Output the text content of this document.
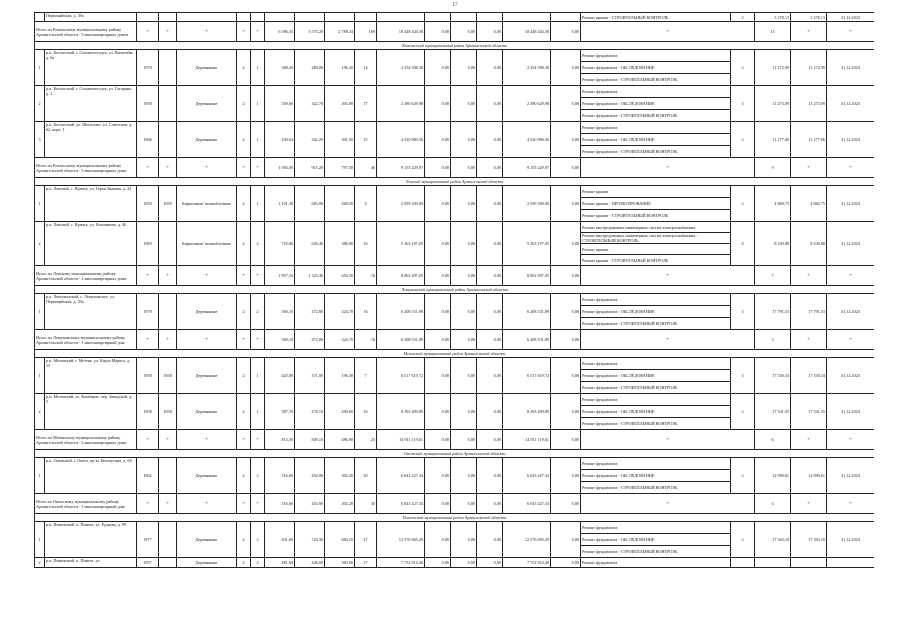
17
	Первомайская, д. 39а																Ремонт крыши - СТРОИТЕЛЬНЫЙ КОНТРОЛЬ	2	3 278,13	3 278,13	31.12.2023	
Итого по Коношскому муниципальному району Архангельской области - 5 многоквартирных домов		*	*	*	*	*	6 396,33	3 575,20	2 788,34	169	18 448 444,58	0,00	0,00	0,00	18 448 444,58	0,00	*		13	*	*	
Котласский муниципальный район Архангельской области																						
1	р.п. Котласский, г. Сольвычегодск, ул. Вильгейм, д. 6а	1970		Деревянные	2	1	368,20	280,00	196,30	14	2 254 508,30	0,00	0,00	0,00	2 254 508,30	0,00	Ремонт фундамента	3	11 272,90	11 272,90	31.12.2023	
																	Ремонт фундамента - ОБСЛЕДОВАНИЕ					
																	Ремонт фундамента - СТРОИТЕЛЬНЫЙ КОНТРОЛЬ					
2	р.п. Котласский, г. Сольвычегодск, ул. Гагарина, д. 2	1958		Деревянные	2	1	359,60	322,70	303,00	17	2 380 629,98	0,00	0,00	0,00	2 380 629,98	0,00	Ремонт фундамента	3	11 273,09	11 273,09	31.12.2023	
																	Ремонт фундамента - ОБСЛЕДОВАНИЕ					
																	Ремонт фундамента - СТРОИТЕЛЬНЫЙ КОНТРОЛЬ					
3	р.п. Котласский, ул. Шепелово, ул. Советская, д. 62, корп. 1	1966		Деревянные	2	1	430,64	342,29	301,50	15	4 520 900,56	0,00	0,00	0,00	4 520 900,56	0,00	Ремонт фундамента	3	11 277,06	11 277,06	31.12.2023	
																	Ремонт фундамента - ОБСЛЕДОВАНИЕ					
																	Ремонт фундамента - СТРОИТЕЛЬНЫЙ КОНТРОЛЬ					
Итого по Котласскому муниципальному району Архангельской области - 3 многоквартирных дома:		*	*	*	*	*	1 083,00	915,20	797,50	46	9 155 229,97	0,00	0,00	0,00	9 155 229,97	0,00	*		9	*	*	
Ленский муниципальный район Архангельской области																						
1	р.п. Ленский, с. Яренск, ул. Героя Знакова, д. 24	1959	1959	Кирпичные/ шлакоблочные	2	1	1 101,30	683,00	268,50	0	2 599 300,00	0,00	0,00	0,00	2 599 300,00	0,00	Ремонт крыши	3	4 860,75	4 860,75	31.12.2023	
																	Ремонт крыши - ПРОЕКТИРОВАНИЕ					
																	Ремонт крыши - СТРОИТЕЛЬНЫЙ КОНТРОЛЬ					
2	р.п. Ленский, с. Яренск, ул. Бельчикова, д. 46	1985		Кирпичные/ шлакоблочные	2	2	755,86	626,40	386,00	16	5 363 197,05	0,00	0,00	0,00	5 363 197,05	0,00	Ремонт внутридомовых инженерных систем электроснабжения	4	8 339,88	8 339,88	31.12.2023	
																	Ремонт внутридомовых инженерных систем электроснабжения - СТРОИТЕЛЬНЫЙ КОНТРОЛЬ					
																	Ремонт крыши					
																	Ремонт крыши - СТРОИТЕЛЬНЫЙ КОНТРОЛЬ					
Итого по Ленскому муниципальному району Архангельской области - 2 многоквартирных дома:		*	*	*	*	*	1 857,16	1 323,40	654,50	16	8 002 497,05	0,00	0,00	0,00	8 002 497,05	0,00	*		7	*	*	
Лешуконский муниципальный район Архангельской области																						
1	р.п. Лешуконский, с. Лешуконское, ул. Первомайская, д. 29а	1979		Деревянные	2	2	560,10	472,80	324,70	16	6 208 531,89	0,00	0,00	0,00	6 208 531,89	0,00	Ремонт фундамента	3	17 791,53	17 791,53	31.12.2023	
																	Ремонт фундамента - ОБСЛЕДОВАНИЕ					
																	Ремонт фундамента - СТРОИТЕЛЬНЫЙ КОНТРОЛЬ					
Итого по Лешуконскому муниципальному району Архангельской области - 1 многоквартирный дом:		*	*	*	*	*	560,10	472,80	324,70	16	6 208 531,89	0,00	0,00	0,00	6 208 531,89	0,00	*		3	*	*	
Мезенский муниципальный район Архангельской области																						
1	р.п. Мезенский, г. Мезень, ул. Карла Маркса, д. 15	1958	1958	Деревянные	2	1	425,80	371,00	196,30	7	6 517 619,72	0,00	0,00	0,00	6 517 619,72	0,00	Ремонт фундамента	3	17 530,34	17 530,34	31.12.2023	
																	Ремонт фундамента - ОБСЛЕДОВАНИЕ					
																	Ремонт фундамента - СТРОИТЕЛЬНЫЙ КОНТРОЛЬ					
2	р.п. Мезенский, ул. Комбинат, пер. Заводской, д. 5	1958	1958	Деревянные	2	1	387,70	478,10	290,60	16	8 393 499,89	0,00	0,00	0,00	8 393 499,89	0,00	Ремонт фундамента	3	17 541,55	17 541,55	31.12.2023	
																	Ремонт фундамента - ОБСЛЕДОВАНИЕ					
																	Ремонт фундамента - СТРОИТЕЛЬНЫЙ КОНТРОЛЬ					
Итого по Мезенскому муниципальному району Архангельской области - 2 многоквартирных дома:		*	*	*	*	*	813,50	849,10	486,90	23	14 911 119,61	0,00	0,00	0,00	14 911 119,61	0,00	*		6	*	*	
Онежский муниципальный район Архангельской области																						
1	р.п. Онежский, г. Онега, пр-кт Кольчугина, д. 64	1962		Деревянные	2	3	516,60	454,90	302,20	30	6 043 427,34	0,00	0,00	0,00	6 043 427,34	0,00	Ремонт фундамента	3	12 999,61	12 999,61	31.12.2023	
																	Ремонт фундамента - ОБСЛЕДОВАНИЕ					
																	Ремонт фундамента - СТРОИТЕЛЬНЫЙ КОНТРОЛЬ					
Итого по Онежскому муниципальному району Архангельской области - 1 многоквартирный дом:		*	*	*	*	*	516,60	454,90	302,20	30	6 043 427,34	0,00	0,00	0,00	6 043 427,34	0,00	*		3	*	*	
Пинежский муниципальный район Архангельской области																						
1	р.п. Пинежский, п. Пинега, ул. Рудкова, д. 99	1977		Деревянные	2	3	831,60	724,30	684,10	27	12 576 065,29	0,00	0,00	0,00	12 576 065,29	0,00	Ремонт фундамента	3	17 363,10	17 363,10	31.12.2023	
																	Ремонт фундамента - ОБСЛЕДОВАНИЕ					
																	Ремонт фундамента - СТРОИТЕЛЬНЫЙ КОНТРОЛЬ					
2	р.п. Пинежский, п. Пинега, ул.	1957		Деревянные	2	2	481,60	446,00	360,00	17	7 752 914,40	0,00	0,00	0,00	7 752 914,40	0,00	Ремонт фундамента					
